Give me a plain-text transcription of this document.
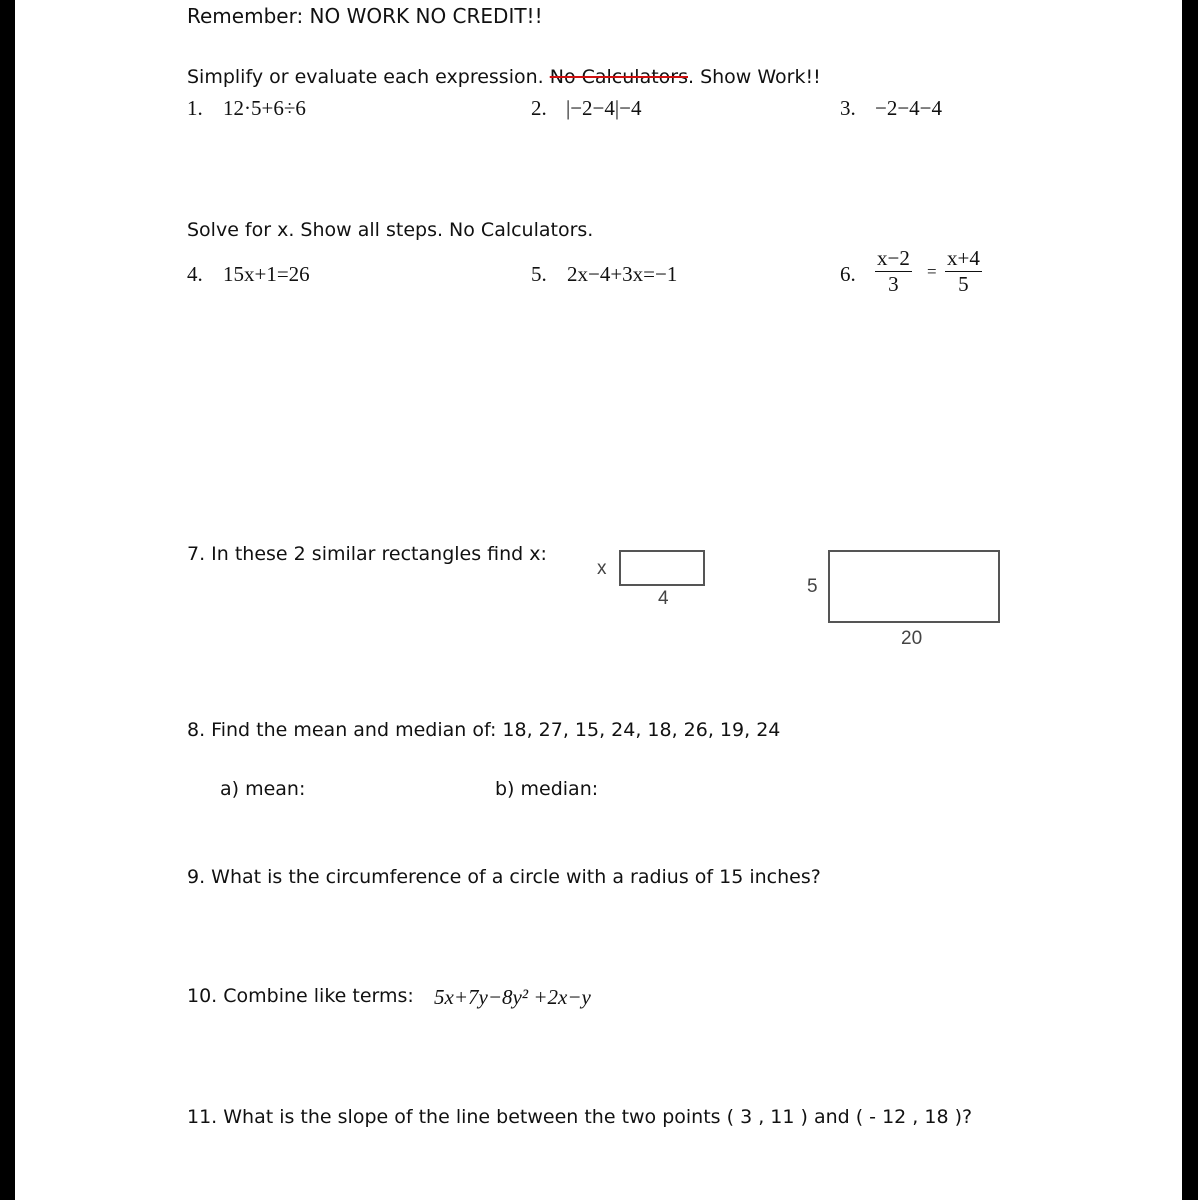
Remember: NO WORK NO CREDIT!!
Simplify or evaluate each expression. No Calculators. Show Work!!
1. 12·5+6÷6	2. |−2−4|−4	3. −2−4−4
Solve for x. Show all steps. No Calculators.
4. 15x+1=26	5. 2x−4+3x=−1	6. $\frac{x-2}{3} = \frac{x+4}{5}$
7. In these 2 similar rectangles find x:
x
4
5
20
8. Find the mean and median of: 18, 27, 15, 24, 18, 26, 19, 24
a) mean:	b) median:
9. What is the circumference of a circle with a radius of 15 inches?
10. Combine like terms: 5x+7y−8y² +2x−y
11. What is the slope of the line between the two points ( 3 , 11 ) and ( - 12 , 18 )?
